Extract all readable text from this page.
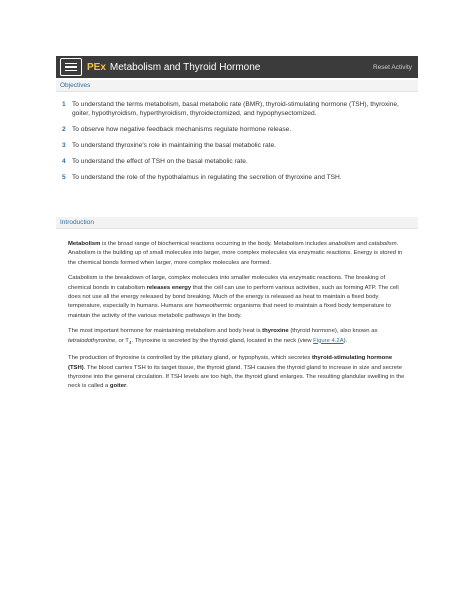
PEx Metabolism and Thyroid Hormone	Reset Activity
Objectives
1 To understand the terms metabolism, basal metabolic rate (BMR), thyroid-stimulating hormone (TSH), thyroxine, goiter, hypothyroidism, hyperthyroidism, thyroidectomized, and hypophysectomized.
2 To observe how negative feedback mechanisms regulate hormone release.
3 To understand thyroxine's role in maintaining the basal metabolic rate.
4 To understand the effect of TSH on the basal metabolic rate.
5 To understand the role of the hypothalamus in regulating the secretion of thyroxine and TSH.
Introduction

Metabolism is the broad range of biochemical reactions occurring in the body. Metabolism includes anabolism and catabolism. Anabolism is the building up of small molecules into larger, more complex molecules via enzymatic reactions. Energy is stored in the chemical bonds formed when larger, more complex molecules are formed.

Catabolism is the breakdown of large, complex molecules into smaller molecules via enzymatic reactions. The breaking of chemical bonds in catabolism releases energy that the cell can use to perform various activities, such as forming ATP. The cell does not use all the energy released by bond breaking. Much of the energy is released as heat to maintain a fixed body temperature, especially in humans. Humans are homeothermic organisms that need to maintain a fixed body temperature to maintain the activity of the various metabolic pathways in the body.

The most important hormone for maintaining metabolism and body heat is thyroxine (thyroid hormone), also known as tetraiodothyronine, or $T_4$. Thyroxine is secreted by the thyroid gland, located in the neck (view Figure 4.2A).

The production of thyroxine is controlled by the pituitary gland, or hypophysis, which secretes thyroid-stimulating hormone (TSH). The blood carries TSH to its target tissue, the thyroid gland. TSH causes the thyroid gland to increase in size and secrete thyroxine into the general circulation. If TSH levels are too high, the thyroid gland enlarges. The resulting glandular swelling in the neck is called a goiter.
